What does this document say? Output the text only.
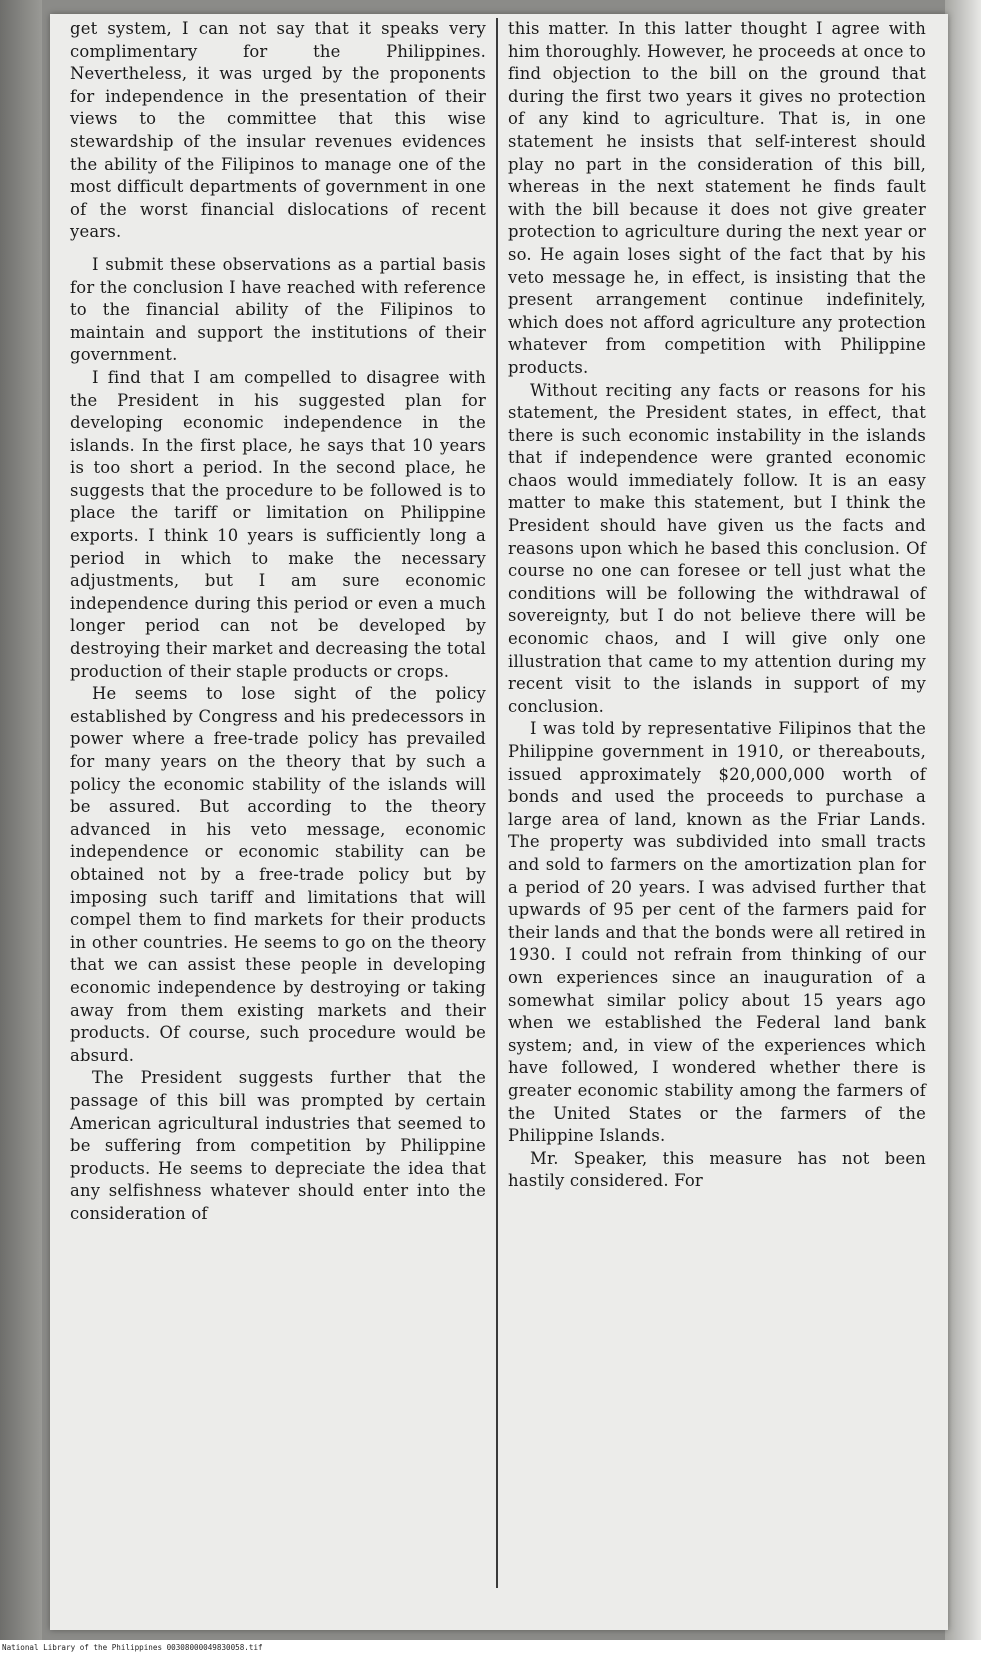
get system, I can not say that it speaks very complimentary for the Philippines. Nevertheless, it was urged by the proponents for independence in the presentation of their views to the committee that this wise stewardship of the insular revenues evidences the ability of the Filipinos to manage one of the most difficult departments of government in one of the worst financial dislocations of recent years.

I submit these observations as a partial basis for the conclusion I have reached with reference to the financial ability of the Filipinos to maintain and support the institutions of their government.

I find that I am compelled to disagree with the President in his suggested plan for developing economic independence in the islands. In the first place, he says that 10 years is too short a period. In the second place, he suggests that the procedure to be followed is to place the tariff or limitation on Philippine exports. I think 10 years is sufficiently long a period in which to make the necessary adjustments, but I am sure economic independence during this period or even a much longer period can not be developed by destroying their market and decreasing the total production of their staple products or crops.

He seems to lose sight of the policy established by Congress and his predecessors in power where a free-trade policy has prevailed for many years on the theory that by such a policy the economic stability of the islands will be assured. But according to the theory advanced in his veto message, economic independence or economic stability can be obtained not by a free-trade policy but by imposing such tariff and limitations that will compel them to find markets for their products in other countries. He seems to go on the theory that we can assist these people in developing economic independence by destroying or taking away from them existing markets and their products. Of course, such procedure would be absurd.

The President suggests further that the passage of this bill was prompted by certain American agricultural industries that seemed to be suffering from competition by Philippine products. He seems to depreciate the idea that any selfishness whatever should enter into the consideration of

this matter. In this latter thought I agree with him thoroughly. However, he proceeds at once to find objection to the bill on the ground that during the first two years it gives no protection of any kind to agriculture. That is, in one statement he insists that self-interest should play no part in the consideration of this bill, whereas in the next statement he finds fault with the bill because it does not give greater protection to agriculture during the next year or so. He again loses sight of the fact that by his veto message he, in effect, is insisting that the present arrangement continue indefinitely, which does not afford agriculture any protection whatever from competition with Philippine products.

Without reciting any facts or reasons for his statement, the President states, in effect, that there is such economic instability in the islands that if independence were granted economic chaos would immediately follow. It is an easy matter to make this statement, but I think the President should have given us the facts and reasons upon which he based this conclusion. Of course no one can foresee or tell just what the conditions will be following the withdrawal of sovereignty, but I do not believe there will be economic chaos, and I will give only one illustration that came to my attention during my recent visit to the islands in support of my conclusion.

I was told by representative Filipinos that the Philippine government in 1910, or thereabouts, issued approximately $20,000,000 worth of bonds and used the proceeds to purchase a large area of land, known as the Friar Lands. The property was subdivided into small tracts and sold to farmers on the amortization plan for a period of 20 years. I was advised further that upwards of 95 per cent of the farmers paid for their lands and that the bonds were all retired in 1930. I could not refrain from thinking of our own experiences since an inauguration of a somewhat similar policy about 15 years ago when we established the Federal land bank system; and, in view of the experiences which have followed, I wondered whether there is greater economic stability among the farmers of the United States or the farmers of the Philippine Islands.

Mr. Speaker, this measure has not been hastily considered. For

National Library of the Philippines 00308000049830058.tif
